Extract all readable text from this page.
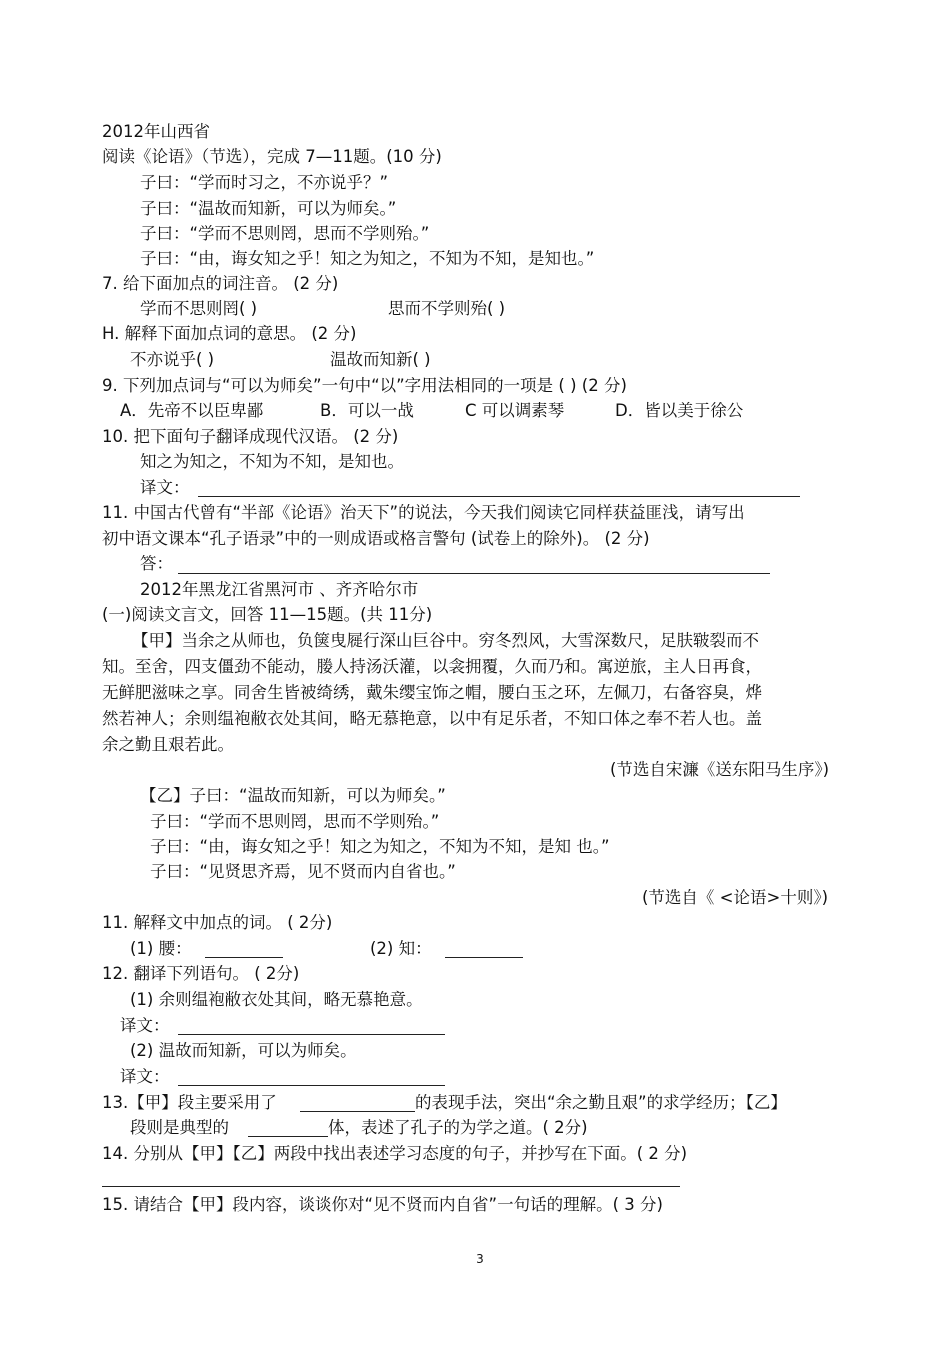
2012年山西省
阅读《论语》（节选），完成 7—11题。(10 分)
子曰：“学而时习之，不亦说乎？”
子曰：“温故而知新，可以为师矣。”
子曰：“学而不思则罔，思而不学则殆。”
子曰：“由，诲女知之乎！知之为知之，不知为不知，是知也。”
7. 给下面加点的词注音。 (2 分)
学而不思则罔( )	思而不学则殆( )
H. 解释下面加点词的意思。 (2 分)
不亦说乎( )	温故而知新( )
9. 下列加点词与“可以为师矣”一句中“以”字用法相同的一项是 ( ) (2 分)
A．先帝不以臣卑鄙	B．可以一战	C 可以调素琴	D．皆以美于徐公
10. 把下面句子翻译成现代汉语。 (2 分)
知之为知之，不知为不知，是知也。
译文：
11. 中国古代曾有“半部《论语》治天下”的说法，今天我们阅读它同样获益匪浅，请写出
初中语文课本“孔子语录”中的一则成语或格言警句 (试卷上的除外)。 (2 分)
答：
2012年黑龙江省黑河市 、齐齐哈尔市
(一)阅读文言文，回答 11—15题。(共 11分)
【甲】当余之从师也，负箧曳屣行深山巨谷中。穷冬烈风，大雪深数尺，足肤皲裂而不
知。至舍，四支僵劲不能动，媵人持汤沃灌，以衾拥覆，久而乃和。寓逆旅，主人日再食，
无鲜肥滋味之享。同舍生皆被绮绣，戴朱缨宝饰之帽，腰白玉之环，左佩刀，右备容臭，烨
然若神人；余则缊袍敝衣处其间，略无慕艳意，以中有足乐者，不知口体之奉不若人也。盖
余之勤且艰若此。
(节选自宋濂《送东阳马生序》)
【乙】子曰：“温故而知新，可以为师矣。”
子曰：“学而不思则罔，思而不学则殆。”
子曰：“由，诲女知之乎！知之为知之，不知为不知，是知 也。”
子曰：“见贤思齐焉，见不贤而内自省也。”
(节选自《 <论语>十则》)
11. 解释文中加点的词。 ( 2分)
(1) 腰：	(2) 知：
12. 翻译下列语句。 ( 2分)
(1) 余则缊袍敝衣处其间，略无慕艳意。
译文：
(2) 温故而知新，可以为师矣。
译文：
13.【甲】段主要采用了	的表现手法，突出“余之勤且艰”的求学经历；【乙】
段则是典型的	体，表述了孔子的为学之道。( 2分)
14. 分别从【甲】【乙】两段中找出表述学习态度的句子，并抄写在下面。( 2 分)
15. 请结合【甲】段内容，谈谈你对“见不贤而内自省”一句话的理解。( 3 分)
3
